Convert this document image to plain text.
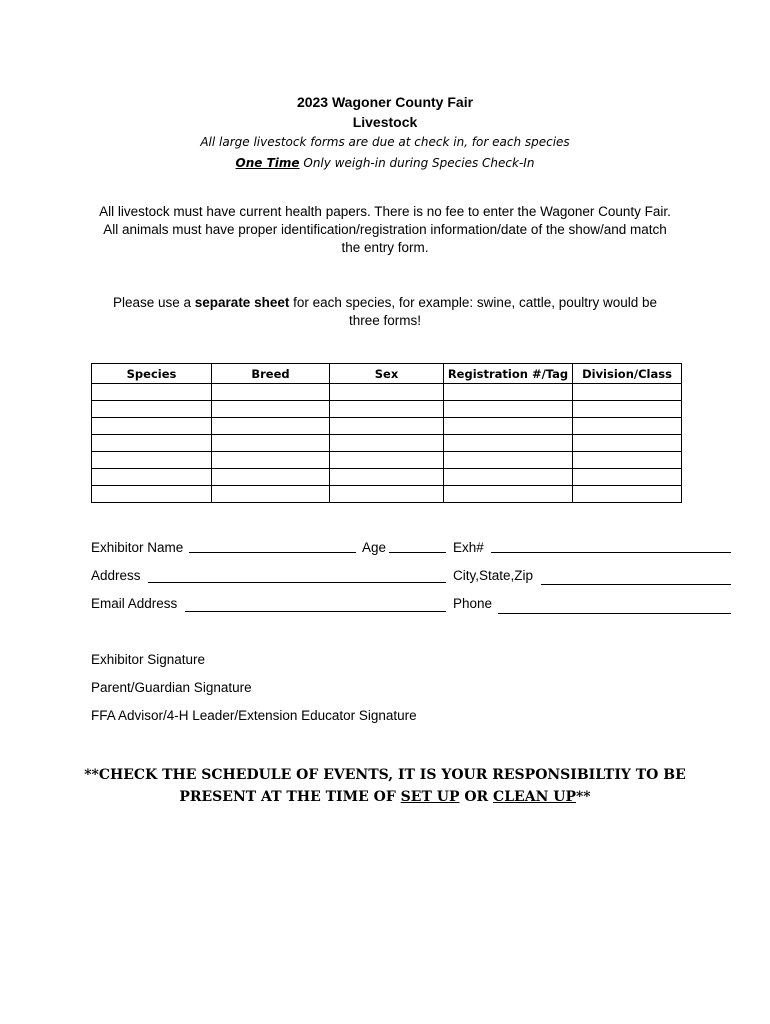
2023 Wagoner County Fair
Livestock
All large livestock forms are due at check in, for each species
One Time Only weigh-in during Species Check-In
All livestock must have current health papers. There is no fee to enter the Wagoner County Fair.
All animals must have proper identification/registration information/date of the show/and match
the entry form.
Please use a separate sheet for each species, for example: swine, cattle, poultry would be
three forms!
Species	Breed	Sex	Registration #/Tag	Division/Class

Exhibitor Name	Age	Exh#
Address	City,State,Zip
Email Address	Phone
Exhibitor Signature
Parent/Guardian Signature
FFA Advisor/4-H Leader/Extension Educator Signature
**CHECK THE SCHEDULE OF EVENTS, IT IS YOUR RESPONSIBILTIY TO BE
PRESENT AT THE TIME OF SET UP OR CLEAN UP**
